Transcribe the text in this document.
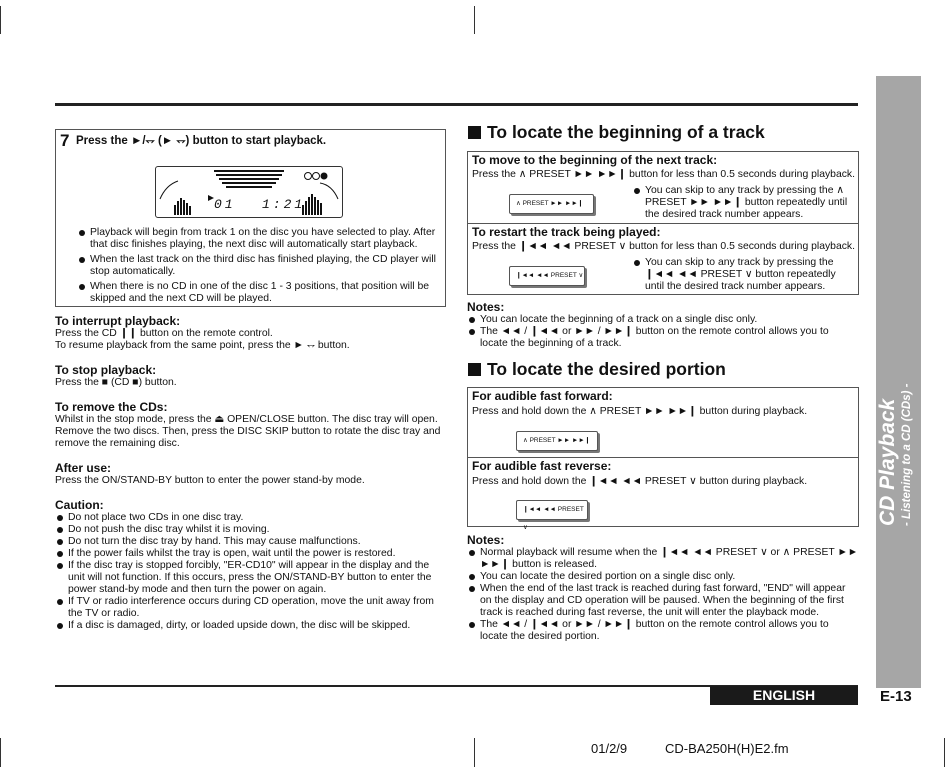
7 Press the ►/⥐ (► ⥐) button to start playback.
01 1:21
Playback will begin from track 1 on the disc you have selected to play. After that disc finishes playing, the next disc will automatically start playback.
When the last track on the third disc has finished playing, the CD player will stop automatically.
When there is no CD in one of the disc 1 - 3 positions, that position will be skipped and the next CD will be played.
To interrupt playback:

Press the CD ❙❙ button on the remote control.

To resume playback from the same point, press the ► ⥐ button.

To stop playback:

Press the ■ (CD ■) button.

To remove the CDs:

Whilst in the stop mode, press the ⏏ OPEN/CLOSE button. The disc tray will open. Remove the two discs. Then, press the DISC SKIP button to rotate the disc tray and remove the remaining disc.

After use:

Press the ON/STAND-BY button to enter the power stand-by mode.

Caution:
Do not place two CDs in one disc tray.
Do not push the disc tray whilst it is moving.
Do not turn the disc tray by hand. This may cause malfunctions.
If the power fails whilst the tray is open, wait until the power is restored.
If the disc tray is stopped forcibly, "ER-CD10" will appear in the display and the unit will not function. If this occurs, press the ON/STAND-BY button to enter the power stand-by mode and then turn the power on again.
If TV or radio interference occurs during CD operation, move the unit away from the TV or radio.
If a disc is damaged, dirty, or loaded upside down, the disc will be skipped.
To locate the beginning of a track
To move to the beginning of the next track:

Press the ∧ PRESET ►► ►►❙ button for less than 0.5 seconds during playback.

∧ PRESET ►► ►►❙
You can skip to any track by pressing the ∧ PRESET ►► ►►❙ button repeatedly until the desired track number appears.
To restart the track being played:

Press the ❙◄◄ ◄◄ PRESET ∨ button for less than 0.5 seconds during playback.

❙◄◄ ◄◄ PRESET ∨
You can skip to any track by pressing the ❙◄◄ ◄◄ PRESET ∨ button repeatedly until the desired track number appears.
Notes:
You can locate the beginning of a track on a single disc only.
The ◄◄ / ❙◄◄ or ►► / ►►❙ button on the remote control allows you to locate the beginning of a track.
To locate the desired portion
For audible fast forward:

Press and hold down the ∧ PRESET ►► ►►❙ button during playback.

∧ PRESET ►► ►►❙
For audible fast reverse:

Press and hold down the ❙◄◄ ◄◄ PRESET ∨ button during playback.

❙◄◄ ◄◄ PRESET ∨
Notes:
Normal playback will resume when the ❙◄◄ ◄◄ PRESET ∨ or ∧ PRESET ►► ►►❙ button is released.
You can locate the desired portion on a single disc only.
When the end of the last track is reached during fast forward, "END" will appear on the display and CD operation will be paused. When the beginning of the first track is reached during fast reverse, the unit will enter the playback mode.
The ◄◄ / ❙◄◄ or ►► / ►►❙ button on the remote control allows you to locate the desired portion.
CD Playback - Listening to a CD (CDs) -
ENGLISH	E-13
01/2/9	CD-BA250H(H)E2.fm
